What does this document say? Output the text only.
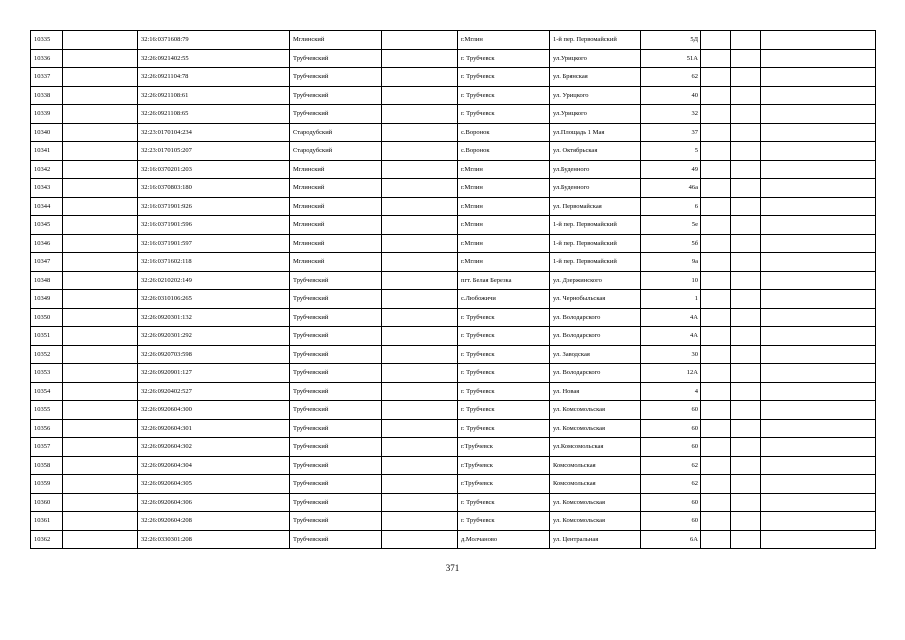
10335		32:16:0371608:79	Мглинский		г.Мглин	1-й пер. Первомайский	5Д			
10336		32:26:0921402:55	Трубчевский		г. Трубчевск	ул.Урицкого	51А			
10337		32:26:0921104:78	Трубчевский		г. Трубчевск	ул. Брянская	62			
10338		32:26:0921108:61	Трубчевский		г. Трубчевск	ул. Урицкого	40			
10339		32:26:0921108:65	Трубчевский		г. Трубчевск	ул.Урицкого	32			
10340		32:23:0170104:234	Стародубский		с.Воронок	ул.Площадь 1 Мая	37			
10341		32:23:0170105:207	Стародубский		с.Воронок	ул. Октябрьская	5			
10342		32:16:0370201:203	Мглинский		г.Мглин	ул.Буденного	49			
10343		32:16:0370803:180	Мглинский		г.Мглин	ул.Буденного	46а			
10344		32:16:0371901:926	Мглинский		г.Мглин	ул. Первомайская	6			
10345		32:16:0371901:596	Мглинский		г.Мглин	1-й пер. Первомайский	5е			
10346		32:16:0371901:597	Мглинский		г.Мглин	1-й пер. Первомайский	5б			
10347		32:16:0371602:118	Мглинский		г.Мглин	1-й пер. Первомайский	9а			
10348		32:26:0210202:149	Трубчевский		пгт. Белая Березка	ул. Дзержинского	10			
10349		32:26:0310106:265	Трубчевский		с.Любожичи	ул. Чернобыльская	1			
10350		32:26:0920301:132	Трубчевский		г. Трубчевск	ул. Володарского	4А			
10351		32:26:0920301:292	Трубчевский		г. Трубчевск	ул. Володарского	4А			
10352		32:26:0920703:598	Трубчевский		г. Трубчевск	ул. Заводская	30			
10353		32:26:0920901:127	Трубчевский		г. Трубчевск	ул. Володарского	12А			
10354		32:26:0920402:527	Трубчевский		г. Трубчевск	ул. Новая	4			
10355		32:26:0920604:300	Трубчевский		г. Трубчевск	ул. Комсомольская	60			
10356		32:26:0920604:301	Трубчевский		г. Трубчевск	ул. Комсомольская	60			
10357		32:26:0920604:302	Трубчевский		г.Трубчевск	ул.Комсомольская	60			
10358		32:26:0920604:304	Трубчевский		г.Трубчевск	Комсомольская	62			
10359		32:26:0920604:305	Трубчевский		г.Трубчевск	Комсомольская	62			
10360		32:26:0920604:306	Трубчевский		г. Трубчевск	ул. Комсомольская	60			
10361		32:26:0920604:208	Трубчевский		г. Трубчевск	ул. Комсомольская	60			
10362		32:26:0330301:208	Трубчевский		д.Молчаново	ул. Центральная	6А			
371
